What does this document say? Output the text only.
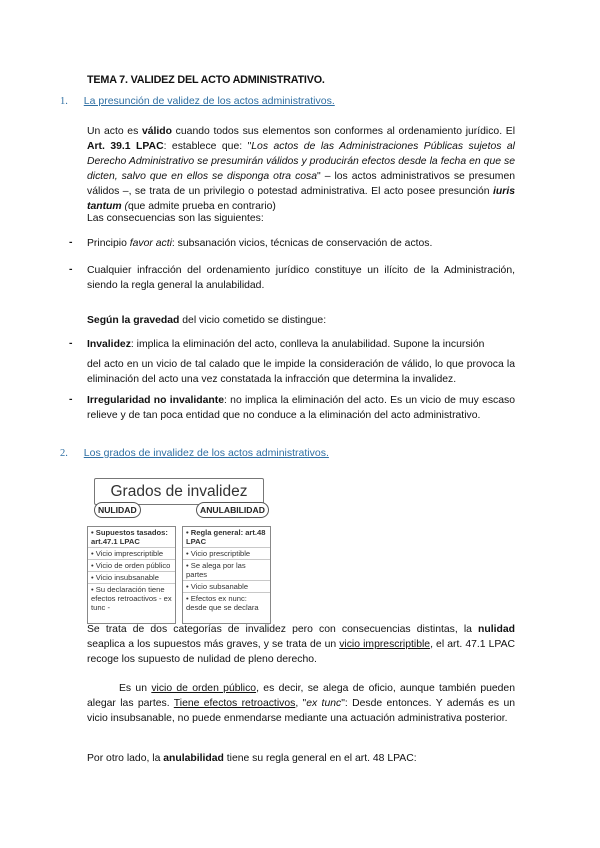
TEMA 7. VALIDEZ DEL ACTO ADMINISTRATIVO.
1. La presunción de validez de los actos administrativos.
Un acto es válido cuando todos sus elementos son conformes al ordenamiento jurídico. El Art. 39.1 LPAC: establece que: "Los actos de las Administraciones Públicas sujetos al Derecho Administrativo se presumirán válidos y producirán efectos desde la fecha en que se dicten, salvo que en ellos se disponga otra cosa" – los actos administrativos se presumen válidos –, se trata de un privilegio o potestad administrativa. El acto posee presunción iuris tantum (que admite prueba en contrario)
Las consecuencias son las siguientes:
- Principio favor acti: subsanación vicios, técnicas de conservación de actos.
- Cualquier infracción del ordenamiento jurídico constituye un ilícito de la Administración, siendo la regla general la anulabilidad.
Según la gravedad del vicio cometido se distingue:
- Invalidez: implica la eliminación del acto, conlleva la anulabilidad. Supone la incursión
del acto en un vicio de tal calado que le impide la consideración de válido, lo que provoca la eliminación del acto una vez constatada la infracción que determina la invalidez.
- Irregularidad no invalidante: no implica la eliminación del acto. Es un vicio de muy escaso relieve y de tan poca entidad que no conduce a la eliminación del acto administrativo.
2. Los grados de invalidez de los actos administrativos.
Grados de invalidez
NULIDAD	ANULABILIDAD
• Supuestos tasados: art.47.1 LPAC
• Vicio imprescriptible
• Vicio de orden público
• Vicio insubsanable
• Su declaración tiene efectos retroactivos - ex tunc -
• Regla general: art.48 LPAC
• Vicio prescriptible
• Se alega por las partes
• Vicio subsanable
• Efectos ex nunc: desde que se declara
Se trata de dos categorías de invalidez pero con consecuencias distintas, la nulidad seaplica a los supuestos más graves, y se trata de un vicio imprescriptible, el art. 47.1 LPAC recoge los supuesto de nulidad de pleno derecho.
Es un vicio de orden público, es decir, se alega de oficio, aunque también pueden alegar las partes. Tiene efectos retroactivos, "ex tunc": Desde entonces. Y además es un vicio insubsanable, no puede enmendarse mediante una actuación administrativa posterior.
Por otro lado, la anulabilidad tiene su regla general en el art. 48 LPAC:
